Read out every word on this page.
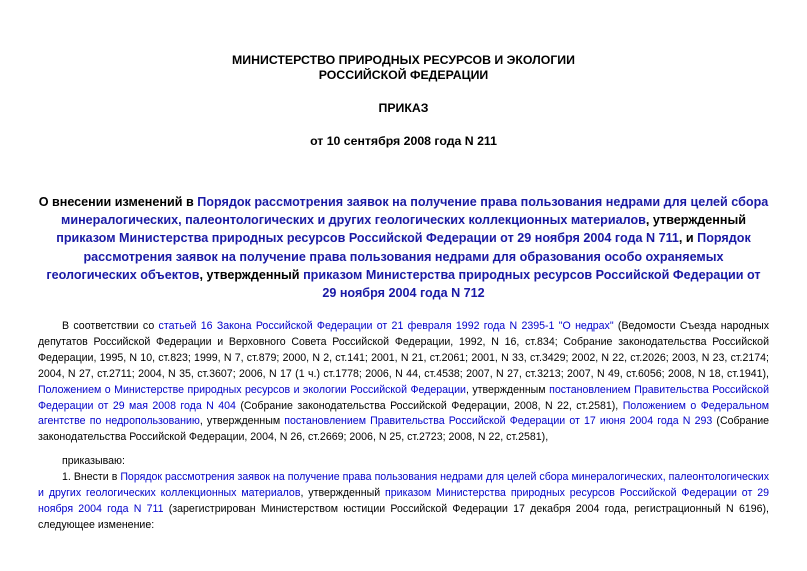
МИНИСТЕРСТВО ПРИРОДНЫХ РЕСУРСОВ И ЭКОЛОГИИ
РОССИЙСКОЙ ФЕДЕРАЦИИ
ПРИКАЗ
от 10 сентября 2008 года N 211
О внесении изменений в Порядок рассмотрения заявок на получение права пользования недрами для целей сбора минералогических, палеонтологических и других геологических коллекционных материалов, утвержденный приказом Министерства природных ресурсов Российской Федерации от 29 ноября 2004 года N 711, и Порядок рассмотрения заявок на получение права пользования недрами для образования особо охраняемых геологических объектов, утвержденный приказом Министерства природных ресурсов Российской Федерации от 29 ноября 2004 года N 712
В соответствии со статьей 16 Закона Российской Федерации от 21 февраля 1992 года N 2395-1 "О недрах" (Ведомости Съезда народных депутатов Российской Федерации и Верховного Совета Российской Федерации, 1992, N 16, ст.834; Собрание законодательства Российской Федерации, 1995, N 10, ст.823; 1999, N 7, ст.879; 2000, N 2, ст.141; 2001, N 21, ст.2061; 2001, N 33, ст.3429; 2002, N 22, ст.2026; 2003, N 23, ст.2174; 2004, N 27, ст.2711; 2004, N 35, ст.3607; 2006, N 17 (1 ч.) ст.1778; 2006, N 44, ст.4538; 2007, N 27, ст.3213; 2007, N 49, ст.6056; 2008, N 18, ст.1941), Положением о Министерстве природных ресурсов и экологии Российской Федерации, утвержденным постановлением Правительства Российской Федерации от 29 мая 2008 года N 404 (Собрание законодательства Российской Федерации, 2008, N 22, ст.2581), Положением о Федеральном агентстве по недропользованию, утвержденным постановлением Правительства Российской Федерации от 17 июня 2004 года N 293 (Собрание законодательства Российской Федерации, 2004, N 26, ст.2669; 2006, N 25, ст.2723; 2008, N 22, ст.2581),
приказываю:
1. Внести в Порядок рассмотрения заявок на получение права пользования недрами для целей сбора минералогических, палеонтологических и других геологических коллекционных материалов, утвержденный приказом Министерства природных ресурсов Российской Федерации от 29 ноября 2004 года N 711 (зарегистрирован Министерством юстиции Российской Федерации 17 декабря 2004 года, регистрационный N 6196), следующее изменение:
